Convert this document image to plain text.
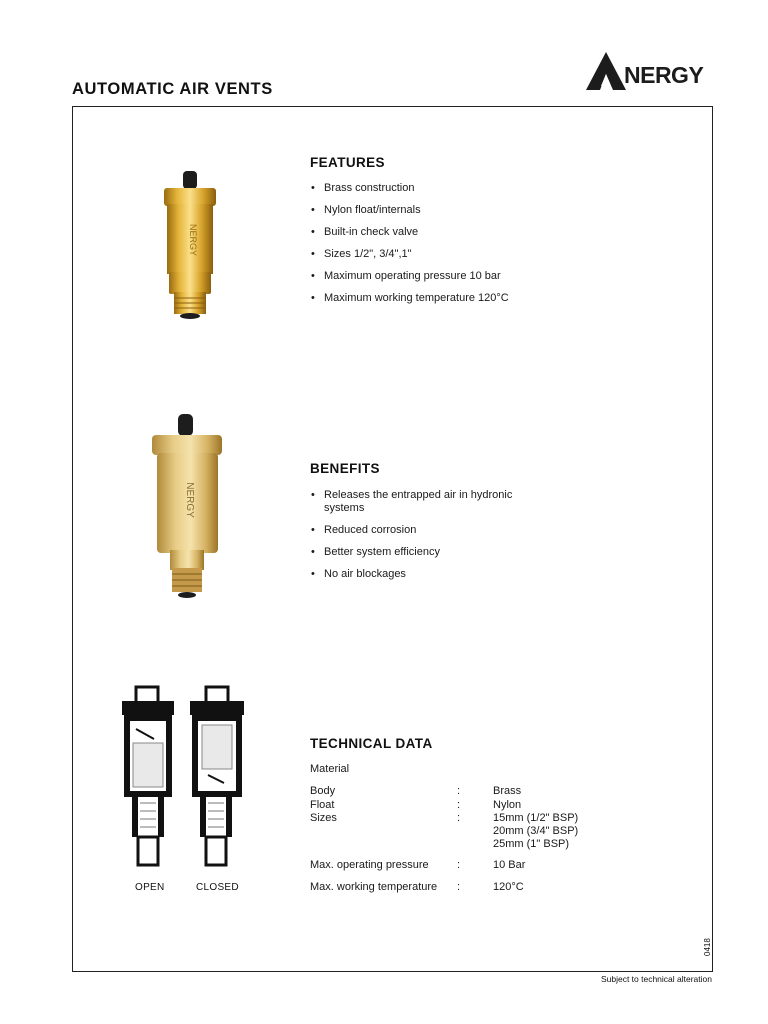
AUTOMATIC AIR VENTS
NERGY
NERGY
NERGY
OPEN	CLOSED
FEATURES
• Brass construction
• Nylon float/internals
• Built-in check valve
• Sizes 1/2", 3/4",1"
• Maximum operating pressure 10 bar
• Maximum working temperature 120°C
BENEFITS
• Releases the entrapped air in hydronic systems
• Reduced corrosion
• Better system efficiency
• No air blockages
TECHNICAL DATA
Material
Body	:	Brass
Float	:	Nylon
Sizes	:	15mm (1/2" BSP)
20mm (3/4" BSP)
25mm (1" BSP)
Max. operating pressure	:	10 Bar
Max. working temperature :	120°C
0418
Subject to technical alteration
